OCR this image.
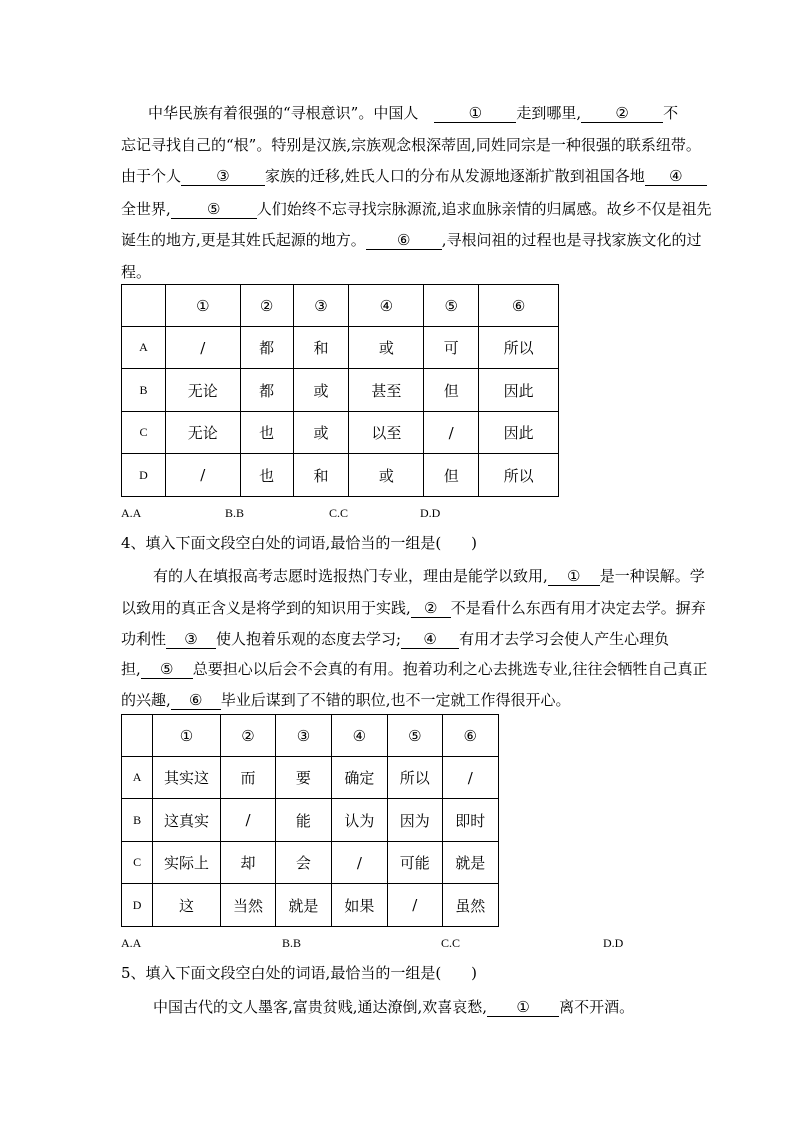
中华民族有着很强的“寻根意识”。中国人	① 走到哪里, ② 不
忘记寻找自己的“根”。特别是汉族,宗族观念根深蒂固,同姓同宗是一种很强的联系纽带。
由于个人 ③ 家族的迁移,姓氏人口的分布从发源地逐渐扩散到祖国各地 ④
全世界, ⑤ 人们始终不忘寻找宗脉源流,追求血脉亲情的归属感。故乡不仅是祖先
诞生的地方,更是其姓氏起源的地方。 ⑥ ,寻根问祖的过程也是寻找家族文化的过
程。
	①	②	③	④	⑤	⑥
A	/	都	和	或	可	所以
B	无论	都	或	甚至	但	因此
C	无论	也	或	以至	/	因此
D	/	也	和	或	但	所以
A.A	B.B	C.C	D.D
4、填入下面文段空白处的词语,最恰当的一组是(　　)
有的人在填报高考志愿时选报热门专业，理由是能学以致用, ① 是一种误解。学
以致用的真正含义是将学到的知识用于实践, ② 不是看什么东西有用才决定去学。摒弃
功利性 ③ 使人抱着乐观的态度去学习; ④ 有用才去学习会使人产生心理负
担, ⑤ 总要担心以后会不会真的有用。抱着功利之心去挑选专业,往往会牺牲自己真正
的兴趣, ⑥ 毕业后谋到了不错的职位,也不一定就工作得很开心。
	①	②	③	④	⑤	⑥
A	其实这	而	要	确定	所以	/
B	这真实	/	能	认为	因为	即时
C	实际上	却	会	/	可能	就是
D	这	当然	就是	如果	/	虽然
A.A	B.B	C.C	D.D
5、填入下面文段空白处的词语,最恰当的一组是(　　)
中国古代的文人墨客,富贵贫贱,通达潦倒,欢喜哀愁, ① 离不开酒。
